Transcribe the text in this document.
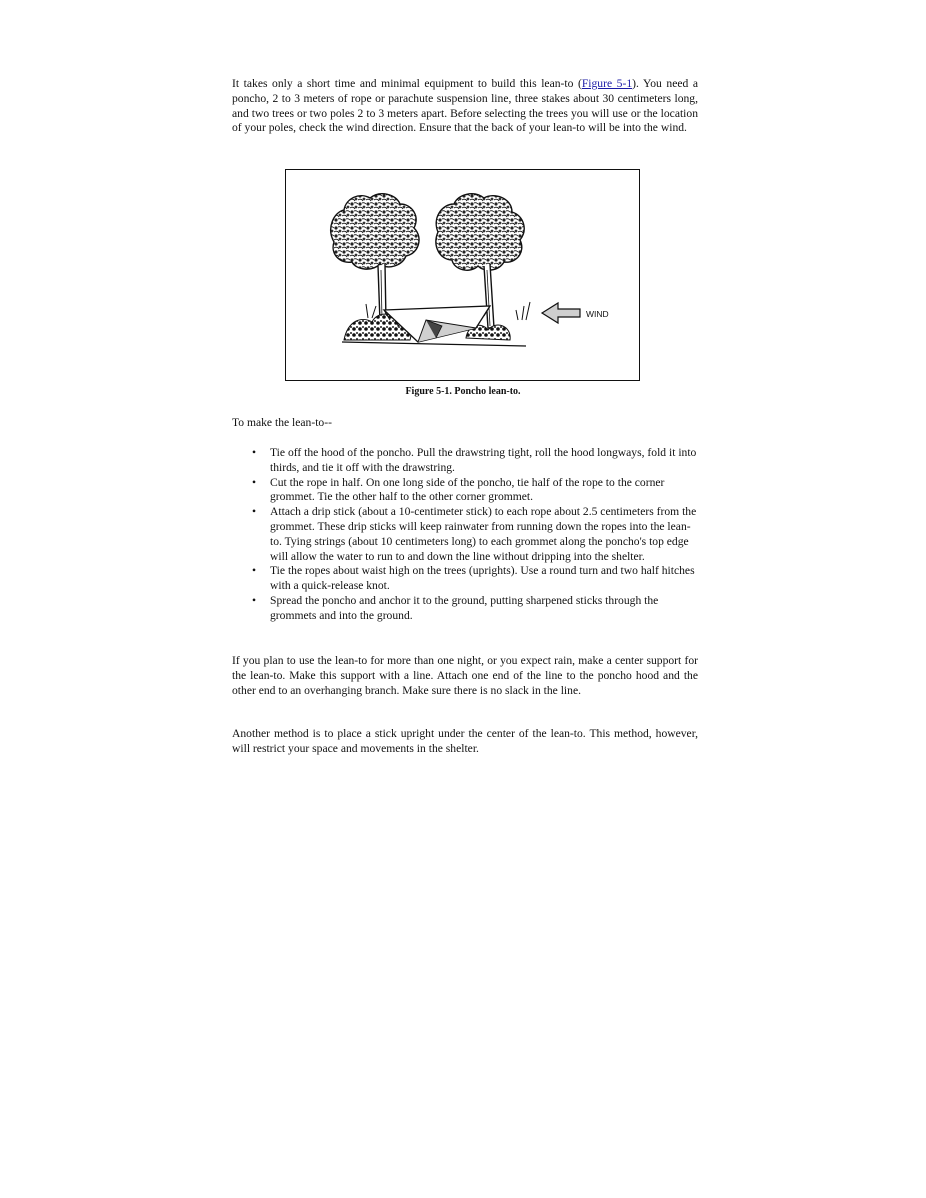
It takes only a short time and minimal equipment to build this lean-to (Figure 5-1). You need a poncho, 2 to 3 meters of rope or parachute suspension line, three stakes about 30 centimeters long, and two trees or two poles 2 to 3 meters apart. Before selecting the trees you will use or the location of your poles, check the wind direction. Ensure that the back of your lean-to will be into the wind.

WIND
Figure 5-1. Poncho lean-to.

To make the lean-to--

• Tie off the hood of the poncho. Pull the drawstring tight, roll the hood longways, fold it into thirds, and tie it off with the drawstring.
• Cut the rope in half. On one long side of the poncho, tie half of the rope to the corner grommet. Tie the other half to the other corner grommet.
• Attach a drip stick (about a 10-centimeter stick) to each rope about 2.5 centimeters from the grommet. These drip sticks will keep rainwater from running down the ropes into the lean-to. Tying strings (about 10 centimeters long) to each grommet along the poncho's top edge will allow the water to run to and down the line without dripping into the shelter.
• Tie the ropes about waist high on the trees (uprights). Use a round turn and two half hitches with a quick-release knot.
• Spread the poncho and anchor it to the ground, putting sharpened sticks through the grommets and into the ground.

If you plan to use the lean-to for more than one night, or you expect rain, make a center support for the lean-to. Make this support with a line. Attach one end of the line to the poncho hood and the other end to an overhanging branch. Make sure there is no slack in the line.

Another method is to place a stick upright under the center of the lean-to. This method, however, will restrict your space and movements in the shelter.
